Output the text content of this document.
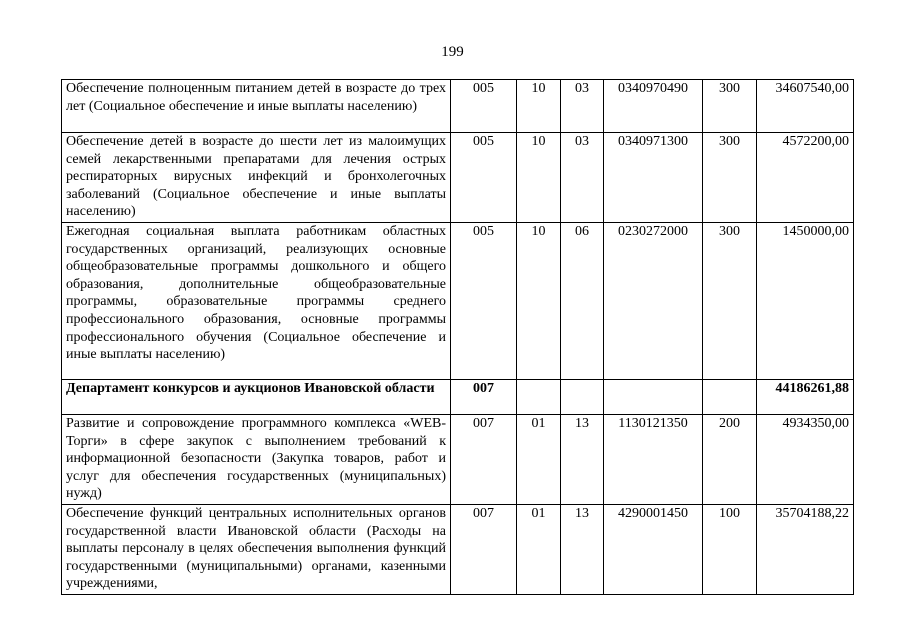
199
Обеспечение полноценным питанием детей в возрасте до трех лет (Социальное обеспечение и иные выплаты населению)	005	10	03	0340970490	300	34607540,00
Обеспечение детей в возрасте до шести лет из малоимущих семей лекарственными препаратами для лечения острых респираторных вирусных инфекций и бронхолегочных заболеваний (Социальное обеспечение и иные выплаты населению)	005	10	03	0340971300	300	4572200,00
Ежегодная социальная выплата работникам областных государственных организаций, реализующих основные общеобразовательные программы дошкольного и общего образования, дополнительные общеобразовательные программы, образовательные программы среднего профессионального образования, основные программы профессионального обучения (Социальное обеспечение и иные выплаты населению)	005	10	06	0230272000	300	1450000,00
Департамент конкурсов и аукционов Ивановской области	007					44186261,88
Развитие и сопровождение программного комплекса «WEB-Торги» в сфере закупок с выполнением требований к информационной безопасности (Закупка товаров, работ и услуг для обеспечения государственных (муниципальных) нужд)	007	01	13	1130121350	200	4934350,00
Обеспечение функций центральных исполнительных органов государственной власти Ивановской области (Расходы на выплаты персоналу в целях обеспечения выполнения функций государственными (муниципальными) органами, казенными учреждениями,	007	01	13	4290001450	100	35704188,22
